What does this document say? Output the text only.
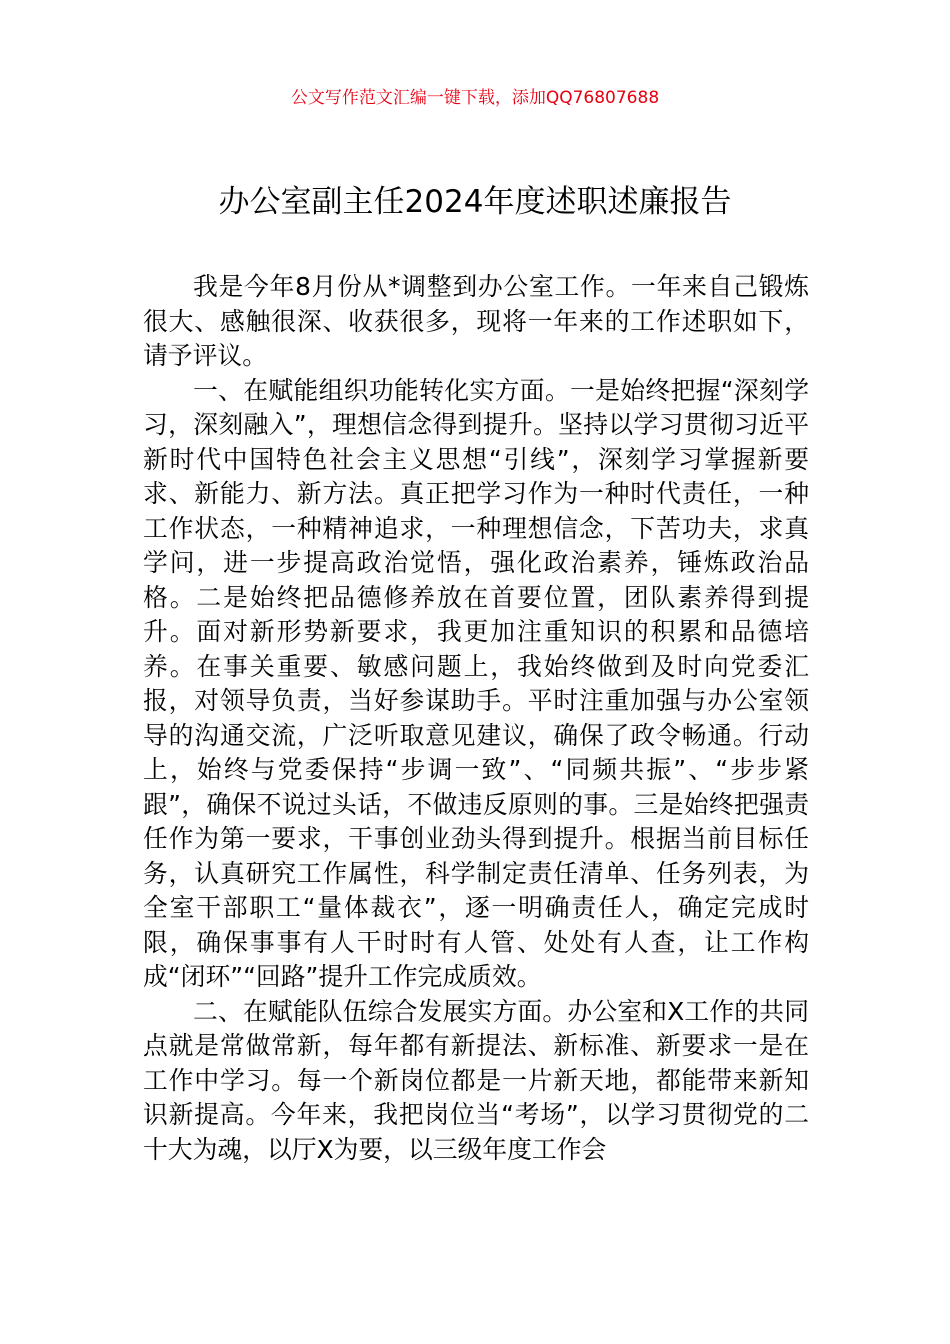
公文写作范文汇编一键下载，添加QQ76807688
办公室副主任2024年度述职述廉报告

我是今年8月份从*调整到办公室工作。一年来自己锻炼很大、感触很深、收获很多，现将一年来的工作述职如下，请予评议。

一、在赋能组织功能转化实方面。一是始终把握“深刻学习，深刻融入”，理想信念得到提升。坚持以学习贯彻习近平新时代中国特色社会主义思想“引线”，深刻学习掌握新要求、新能力、新方法。真正把学习作为一种时代责任，一种工作状态，一种精神追求，一种理想信念，下苦功夫，求真学问，进一步提高政治觉悟，强化政治素养，锤炼政治品格。二是始终把品德修养放在首要位置，团队素养得到提升。面对新形势新要求，我更加注重知识的积累和品德培养。在事关重要、敏感问题上，我始终做到及时向党委汇报，对领导负责，当好参谋助手。平时注重加强与办公室领导的沟通交流，广泛听取意见建议，确保了政令畅通。行动上，始终与党委保持“步调一致”、“同频共振”、“步步紧跟”，确保不说过头话，不做违反原则的事。三是始终把强责任作为第一要求，干事创业劲头得到提升。根据当前目标任务，认真研究工作属性，科学制定责任清单、任务列表，为全室干部职工“量体裁衣”，逐一明确责任人，确定完成时限，确保事事有人干时时有人管、处处有人查，让工作构成“闭环”“回路”提升工作完成质效。

二、在赋能队伍综合发展实方面。办公室和X工作的共同点就是常做常新，每年都有新提法、新标准、新要求一是在工作中学习。每一个新岗位都是一片新天地，都能带来新知识新提高。今年来，我把岗位当“考场”，以学习贯彻党的二十大为魂，以厅X为要，以三级年度工作会
